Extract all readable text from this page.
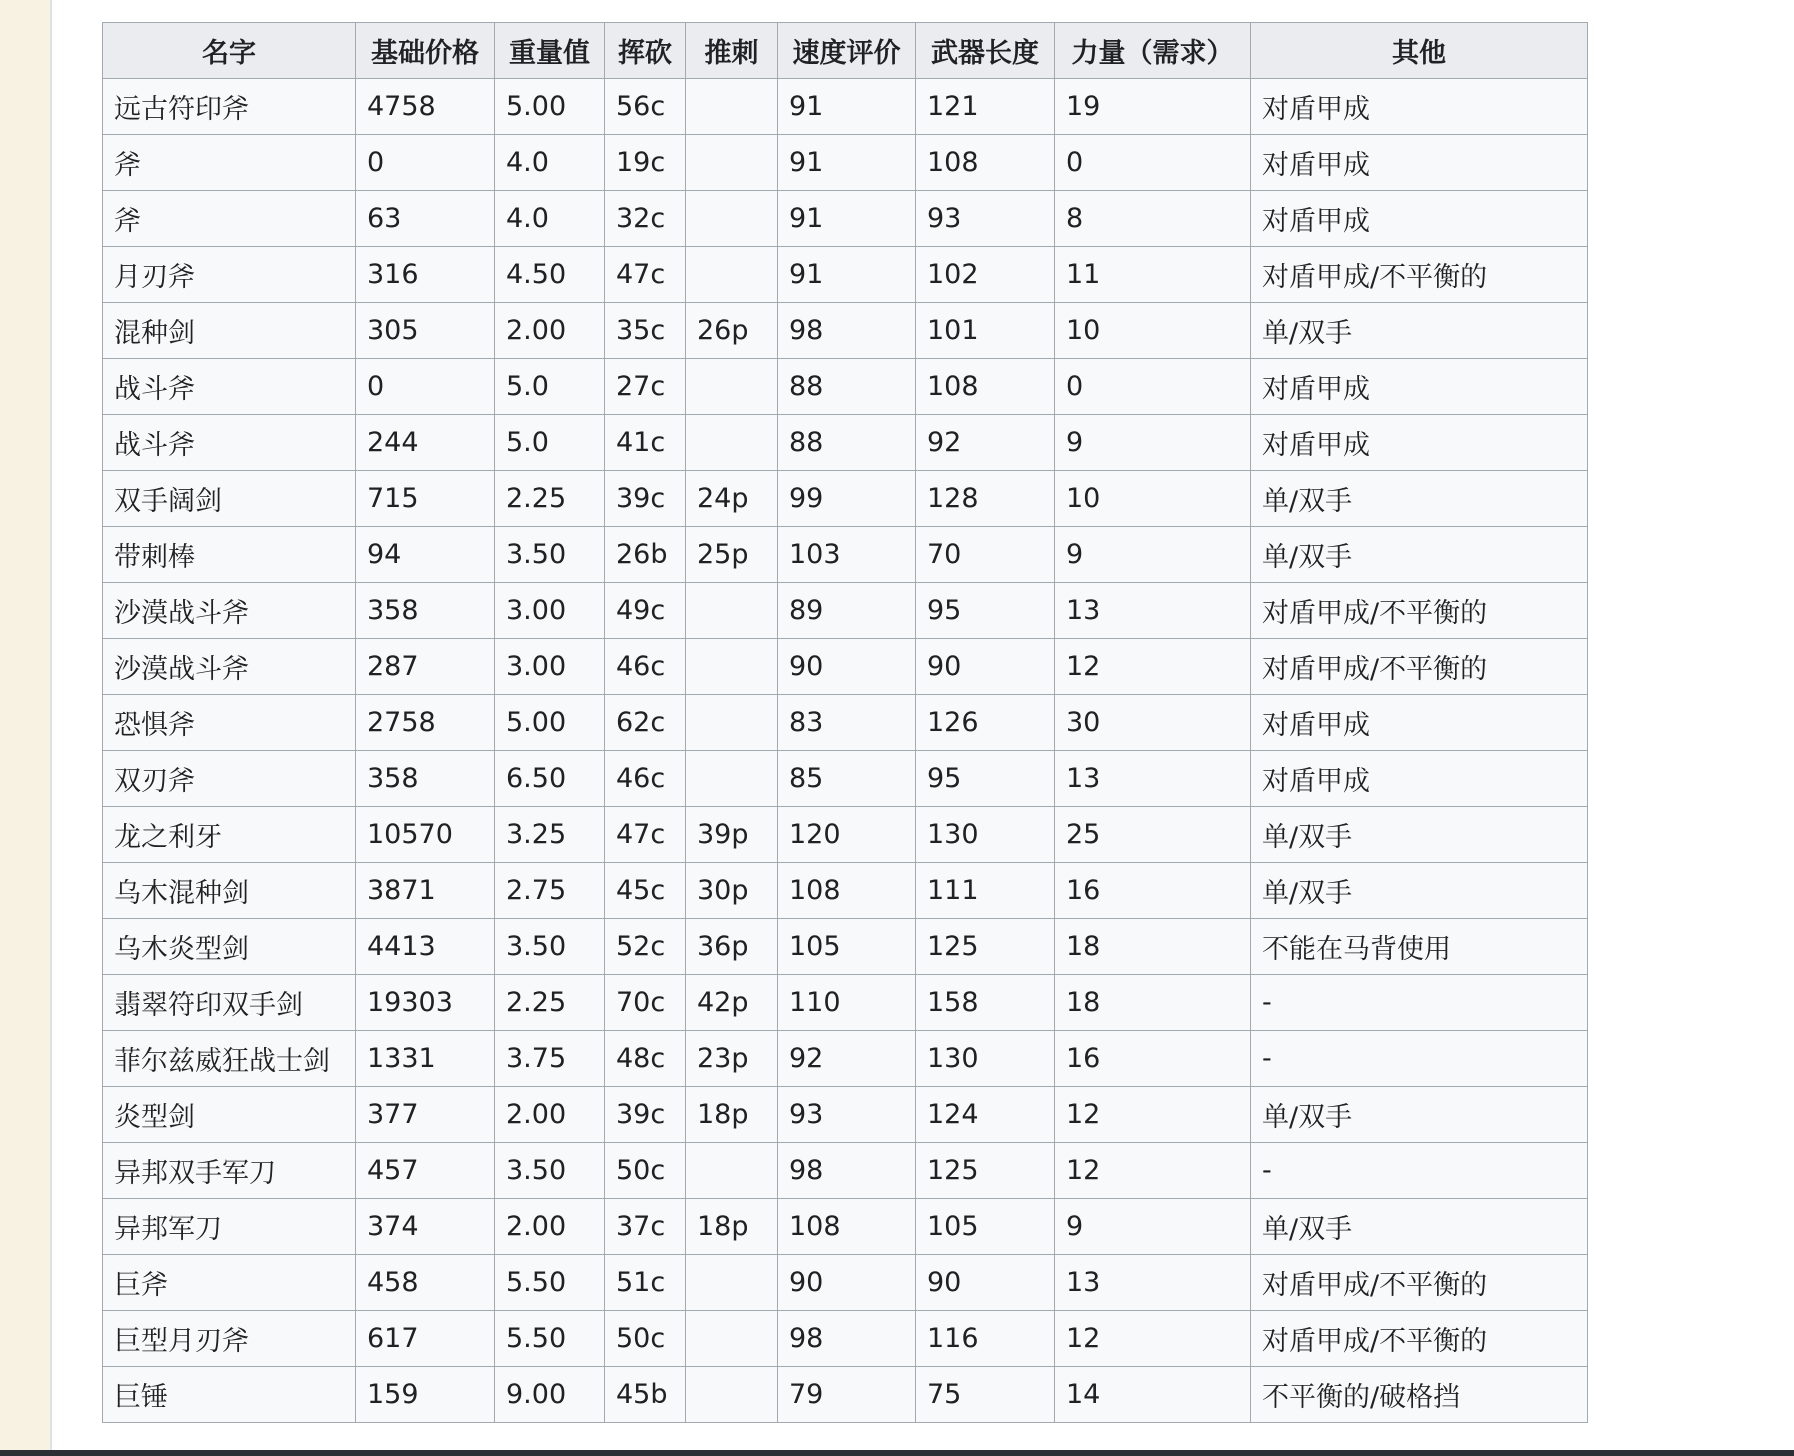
名字	基础价格	重量值	挥砍	推刺	速度评价	武器长度	力量（需求）	其他
远古符印斧	4758	5.00	56c		91	121	19	对盾甲成
斧	0	4.0	19c		91	108	0	对盾甲成
斧	63	4.0	32c		91	93	8	对盾甲成
月刃斧	316	4.50	47c		91	102	11	对盾甲成/不平衡的
混种剑	305	2.00	35c	26p	98	101	10	单/双手
战斗斧	0	5.0	27c		88	108	0	对盾甲成
战斗斧	244	5.0	41c		88	92	9	对盾甲成
双手阔剑	715	2.25	39c	24p	99	128	10	单/双手
带刺棒	94	3.50	26b	25p	103	70	9	单/双手
沙漠战斗斧	358	3.00	49c		89	95	13	对盾甲成/不平衡的
沙漠战斗斧	287	3.00	46c		90	90	12	对盾甲成/不平衡的
恐惧斧	2758	5.00	62c		83	126	30	对盾甲成
双刃斧	358	6.50	46c		85	95	13	对盾甲成
龙之利牙	10570	3.25	47c	39p	120	130	25	单/双手
乌木混种剑	3871	2.75	45c	30p	108	111	16	单/双手
乌木炎型剑	4413	3.50	52c	36p	105	125	18	不能在马背使用
翡翠符印双手剑	19303	2.25	70c	42p	110	158	18	-
菲尔兹威狂战士剑	1331	3.75	48c	23p	92	130	16	-
炎型剑	377	2.00	39c	18p	93	124	12	单/双手
异邦双手军刀	457	3.50	50c		98	125	12	-
异邦军刀	374	2.00	37c	18p	108	105	9	单/双手
巨斧	458	5.50	51c		90	90	13	对盾甲成/不平衡的
巨型月刃斧	617	5.50	50c		98	116	12	对盾甲成/不平衡的
巨锤	159	9.00	45b		79	75	14	不平衡的/破格挡
